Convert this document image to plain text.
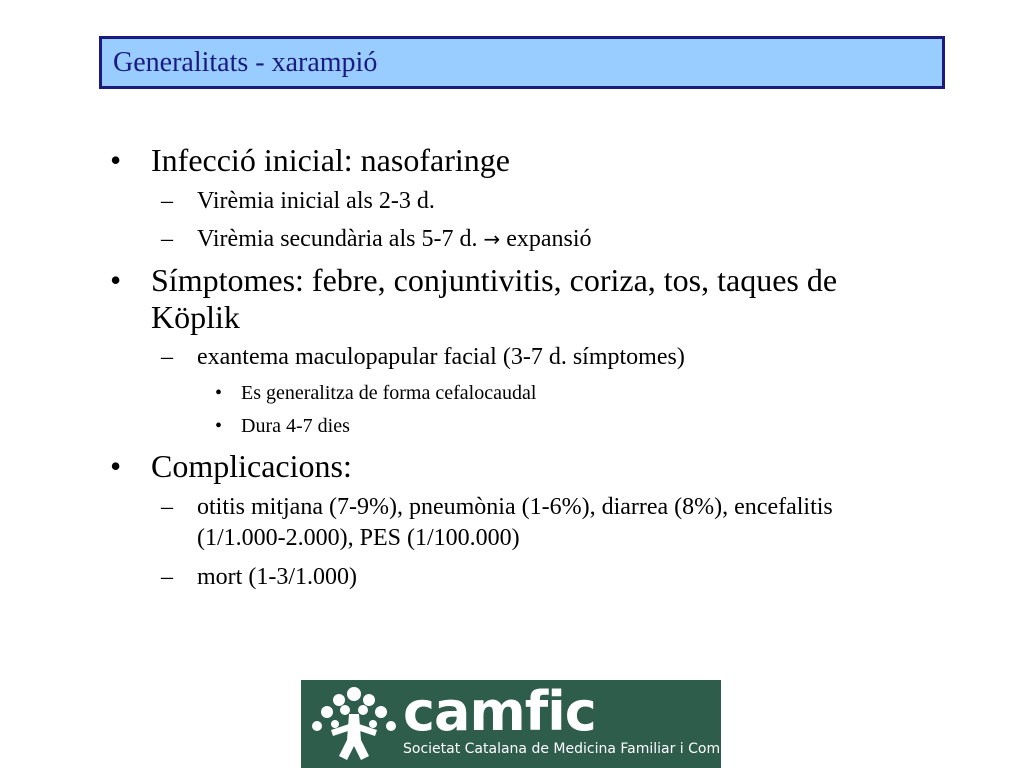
Generalitats - xarampió
• Infecció inicial: nasofaringe
– Virèmia inicial als 2-3 d.
– Virèmia secundària als 5-7 d. → expansió
• Símptomes: febre, conjuntivitis, coriza, tos, taques de Köplik
– exantema maculopapular facial (3-7 d. símptomes)
• Es generalitza de forma cefalocaudal
• Dura 4-7 dies
• Complicacions:
– otitis mitjana (7-9%), pneumònia (1-6%), diarrea (8%), encefalitis (1/1.000-2.000), PES (1/100.000)
– mort (1-3/1.000)
camfic
Societat Catalana de Medicina Familiar i Comunitària
